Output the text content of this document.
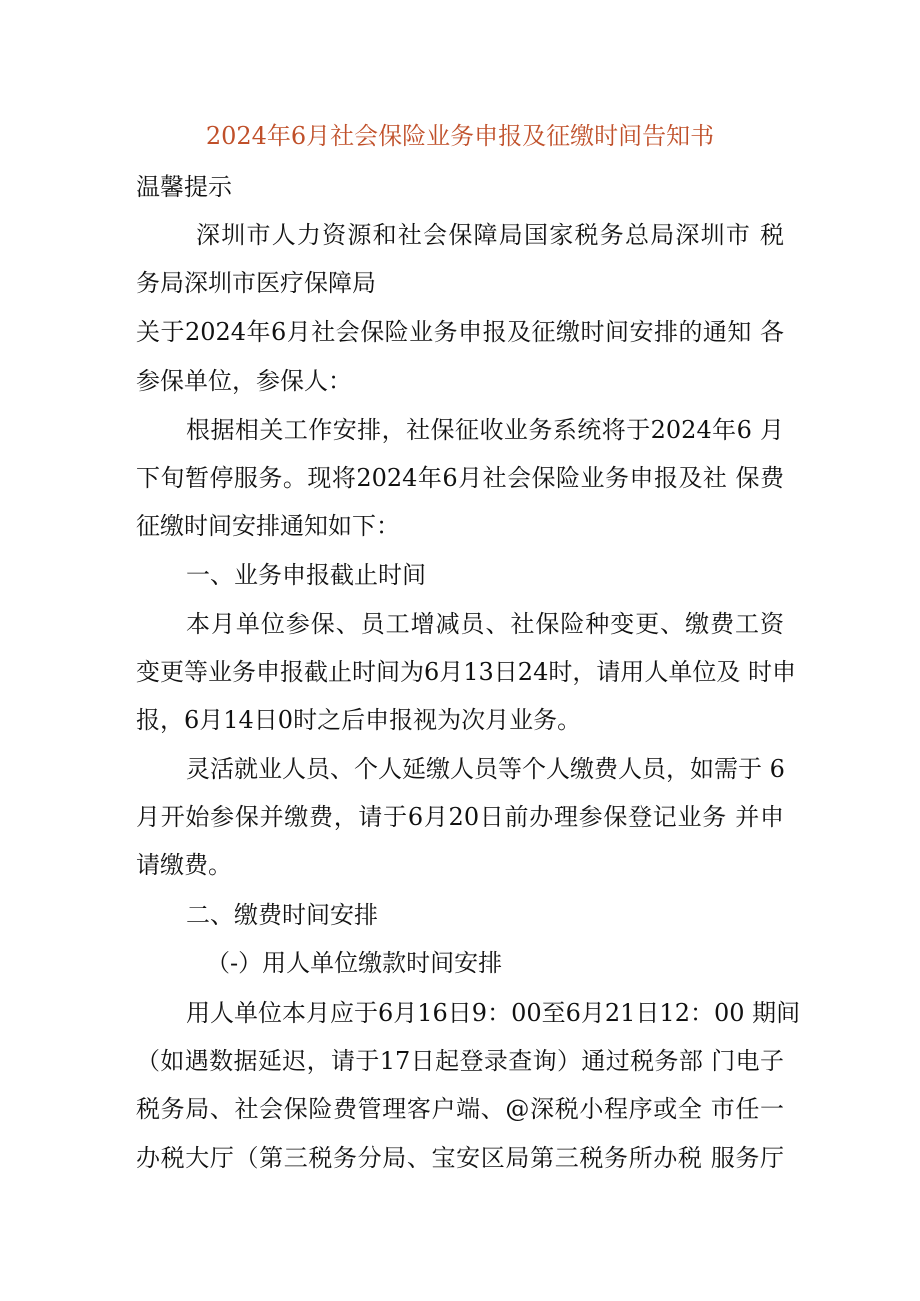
2024年6月社会保险业务申报及征缴时间告知书
温馨提示
深圳市人力资源和社会保障局国家税务总局深圳市 税
务局深圳市医疗保障局
关于2024年6月社会保险业务申报及征缴时间安排的通知 各
参保单位，参保人：
根据相关工作安排，社保征收业务系统将于2024年6 月
下旬暂停服务。现将2024年6月社会保险业务申报及社 保费
征缴时间安排通知如下：
一、业务申报截止时间
本月单位参保、员工增减员、社保险种变更、缴费工资
变更等业务申报截止时间为6月13日24时，请用人单位及 时申
报，6月14日0时之后申报视为次月业务。
灵活就业人员、个人延缴人员等个人缴费人员，如需于 6
月开始参保并缴费，请于6月20日前办理参保登记业务 并申
请缴费。
二、缴费时间安排
（-）用人单位缴款时间安排
用人单位本月应于6月16日9：00至6月21日12：00 期间
（如遇数据延迟，请于17日起登录查询）通过税务部 门电子
税务局、社会保险费管理客户端、@深税小程序或全 市任一
办税大厅（第三税务分局、宝安区局第三税务所办税 服务厅
